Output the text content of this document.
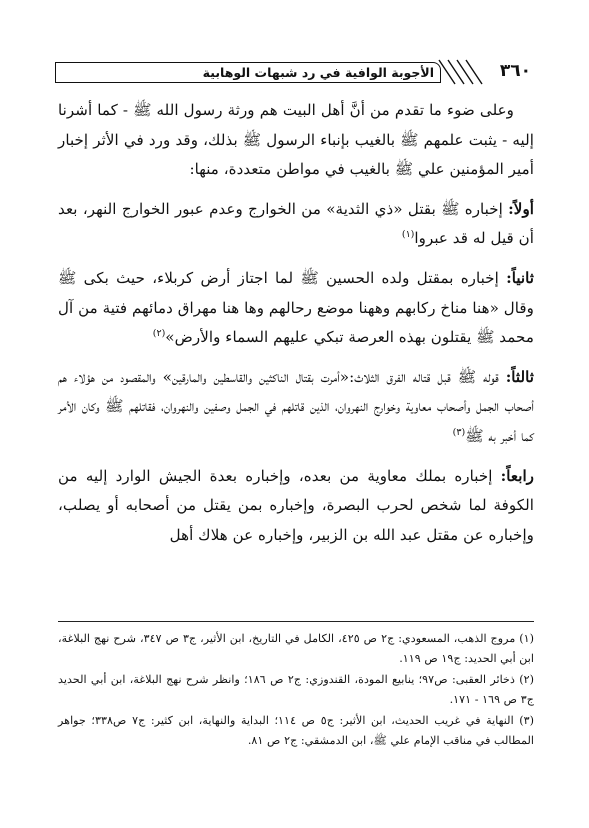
الأجوبة الوافية في رد شبهات الوهابية	٣٦٠

وعلى ضوء ما تقدم من أنَّ أهل البيت هم ورثة رسول الله ﷺ - كما أشرنا إليه - يثبت علمهم ﷺ بالغيب بإنباء الرسول ﷺ بذلك، وقد ورد في الأثر إخبار أمير المؤمنين علي ﷺ بالغيب في مواطن متعددة، منها:

أولاً: إخباره ﷺ بقتل «ذي الثدية» من الخوارج وعدم عبور الخوارج النهر، بعد أن قيل له قد عبروا$^{(١)}$

ثانياً: إخباره بمقتل ولده الحسين ﷺ لما اجتاز أرض كربلاء، حيث بكى ﷺ وقال «هنا مناخ ركابهم وههنا موضع رحالهم وها هنا مهراق دمائهم فتية من آل محمد ﷺ يقتلون بهذه العرصة تبكي عليهم السماء والأرض»$^{(٢)}$

ثالثاً: قوله ﷺ قبل قتاله الفرق الثلاث:«أمرت بقتال الناكثين والقاسطين والمارقين» والمقصود من هؤلاء هم أصحاب الجمل وأصحاب معاوية وخوارج النهروان، الذين قاتلهم في الجمل وصفين والنهروان، فقاتلهم ﷺ وكان الأمر كما أخبر به ﷺ$^{(٣)}$

رابعاً: إخباره بملك معاوية من بعده، وإخباره بعدة الجيش الوارد إليه من الكوفة لما شخص لحرب البصرة، وإخباره بمن يقتل من أصحابه أو يصلب، وإخباره عن مقتل عبد الله بن الزبير، وإخباره عن هلاك أهل

(١) مروج الذهب، المسعودي: ج٢ ص ٤٢٥، الكامل في التاريخ، ابن الأثير، ج٣ ص ٣٤٧، شرح نهج البلاغة، ابن أبي الحديد: ج١٩ ص ١١٩.

(٢) ذخائر العقبى: ص٩٧؛ ينابيع المودة، القندوزي: ج٢ ص ١٨٦؛ وانظر شرح نهج البلاغة، ابن أبي الحديد ج٣ ص ١٦٩ - ١٧١.

(٣) النهاية في غريب الحديث، ابن الأثير: ج٥ ص ١١٤؛ البداية والنهاية، ابن كثير: ج٧ ص٣٣٨؛ جواهر المطالب في مناقب الإمام علي ﷺ، ابن الدمشقي: ج٢ ص ٨١.
